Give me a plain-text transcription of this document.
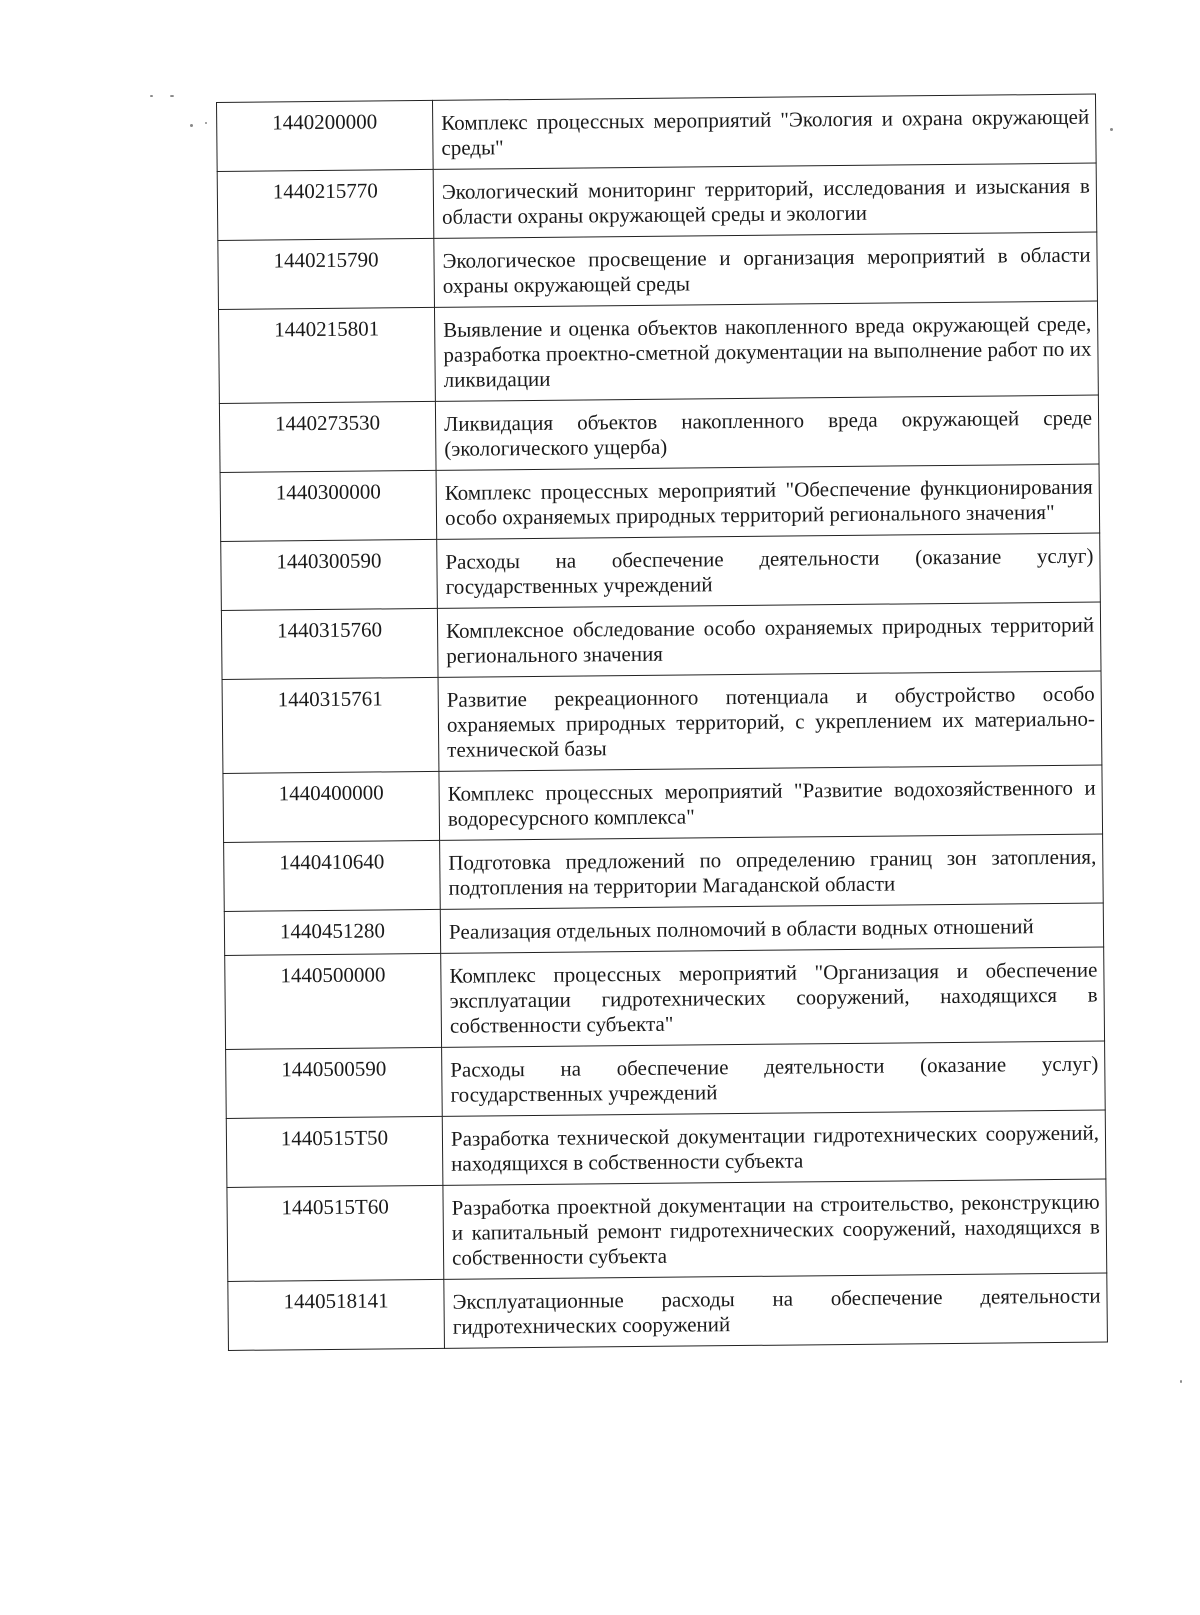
1440200000	Комплекс процессных мероприятий "Экология и охрана окружающей среды"
1440215770	Экологический мониторинг территорий, исследования и изыскания в области охраны окружающей среды и экологии
1440215790	Экологическое просвещение и организация мероприятий в области охраны окружающей среды
1440215801	Выявление и оценка объектов накопленного вреда окружающей среде, разработка проектно-сметной документации на выполнение работ по их ликвидации
1440273530	Ликвидация объектов накопленного вреда окружающей среде (экологического ущерба)
1440300000	Комплекс процессных мероприятий "Обеспечение функционирования особо охраняемых природных территорий регионального значения"
1440300590	Расходы на обеспечение деятельности (оказание услуг) государственных учреждений
1440315760	Комплексное обследование особо охраняемых природных территорий регионального значения
1440315761	Развитие рекреационного потенциала и обустройство особо охраняемых природных территорий, с укреплением их материально-технической базы
1440400000	Комплекс процессных мероприятий "Развитие водохозяйственного и водоресурсного комплекса"
1440410640	Подготовка предложений по определению границ зон затопления, подтопления на территории Магаданской области
1440451280	Реализация отдельных полномочий в области водных отношений
1440500000	Комплекс процессных мероприятий "Организация и обеспечение эксплуатации гидротехнических сооружений, находящихся в собственности субъекта"
1440500590	Расходы на обеспечение деятельности (оказание услуг) государственных учреждений
1440515T50	Разработка технической документации гидротехнических сооружений, находящихся в собственности субъекта
1440515T60	Разработка проектной документации на строительство, реконструкцию и капитальный ремонт гидротехнических сооружений, находящихся в собственности субъекта
1440518141	Эксплуатационные расходы на обеспечение деятельности гидротехнических сооружений
